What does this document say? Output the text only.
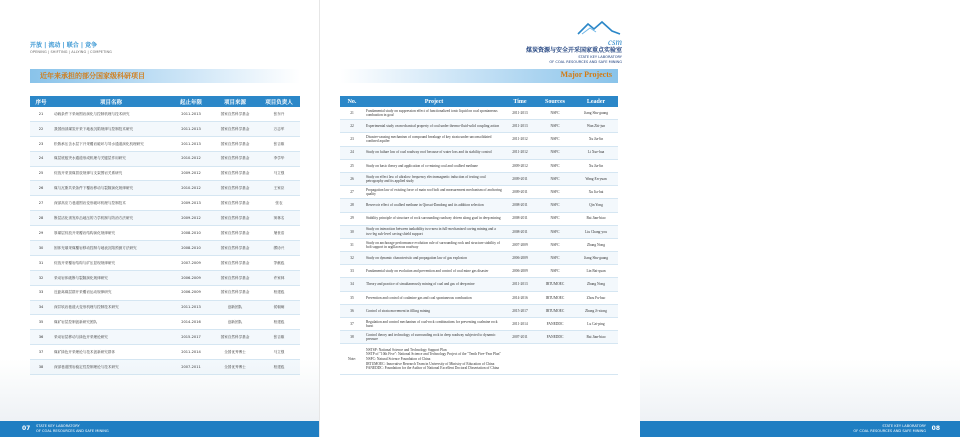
开放 | 流动 | 联合 | 竞争
OPENING | SHIFTING | ALLYING | COMPETING
近年来承担的部分国家级科研项目
序号	项目名称	起止年限	项目来源	项目负责人
21	动载条件下采场围岩演化与控制机理与技术研究	2011-2013	国家自然科学基金	张东升
22	我国西部煤炭开采下地表沉陷规律与控制技术研究	2011-2013	国家自然科学基金	万志军
23	松散承压含水层下开采覆岩破坏与导水通道演化机理研究	2011-2013	国家自然科学基金	张吉雄
24	煤层底板突水通道形成机理与关键层作用研究	2010-2012	国家自然科学基金	李学华
25	综放开采顶煤冒放规律与支架围岩关系研究	2009-2012	国家自然科学基金	马立强
26	煤与瓦斯共采条件下覆岩移动与裂隙演化规律研究	2010-2012	国家自然科学基金	王家臣
27	深部高应力巷道围岩变形破坏机理与控制技术	2009-2013	国家自然科学基金	张农
28	断层活化诱发冲击地压的力学机制与防治方法研究	2009-2012	国家自然科学基金	窦林名
29	厚煤层综放开采覆岩结构演化规律研究	2008-2010	国家自然科学基金	屠世浩
30	固体充填采煤覆岩移动控制与地表沉陷预测方法研究	2008-2010	国家自然科学基金	缪协兴
31	综放开采覆岩结构与矿压显现规律研究	2007-2009	国家自然科学基金	茅献彪
32	采动岩体破断与裂隙演化规律研究	2006-2009	国家自然科学基金	许家林
33	近距离煤层群开采覆岩运动规律研究	2006-2009	国家自然科学基金	柏建彪
34	深井软岩巷道大变形机理与控制技术研究	2011-2013	创新团队	侯朝炯
35	煤矿岩层控制创新研究团队	2014-2016	创新团队	柏建彪
36	采动岩层移动与绿色开采理论研究	2015-2017	国家自然科学基金	张吉雄
37	煤矿绿色开采理论与技术创新研究群体	2011-2014	全国优秀博士	马立强
38	深部巷道围岩稳定性控制理论与技术研究	2007-2011	全国优秀博士	柏建彪
07 STATE KEY LABORATORY
OF COAL RESOURCES AND SAFE MINING
csm
煤炭资源与安全开采国家重点实验室
STATE KEY LABORATORY
OF COAL RESOURCES AND SAFE MINING
Major Projects
No.	Project	Time	Sources	Leader
21	Fundamental study on suppression effect of functionalized ionic liquid on coal spontaneous combustion in goaf	2011-2013	NSFC	Jiang Shu-guang
22	Experimental study on mechanical property of coal under thermo-fluid-solid coupling action	2011-2013	NSFC	Wan Zhi-jun
23	Disaster-causing mechanism of compound breakage of key strata under unconsolidated confined aquifer	2011-2012	NSFC	Xu Jia-lin
24	Study on failure law of coal roadway roof because of water loss and its stability control	2011-2012	NSFC	Li Xue-hua
25	Study on basic theory and application of co-mining coal and coalbed methane	2009-2012	NSFC	Xu Jia-lin
26	Study on effect law of ultralow frequency electromagnetic induction of testing coal petrography and its applied study	2009-2011	NSFC	Wang En-yuan
27	Propagation law of existing force of main roof bolt and measurement mechanism of anchoring quality	2009-2011	NSFC	Xu Jia-hai
28	Reservoir effect of coalbed methane in Qinxui-Dandong and its addition selection	2008-2011	NSFC	Qin Yong
29	Stability principle of structure of rock surrounding roadway driven along goaf in deep mining	2008-2011	NSFC	Bai Jian-biao
30	Study on interaction between tankability two-area in full-mechanized caving mining and a two-leg sub-level caving shield support	2008-2011	NSFC	Liu Chang-you
31	Study on anchorage performance evolution rule of surrounding rock and structure stability of bolt support in argillaceous roadway	2007-2009	NSFC	Zhang Nong
32	Study on dynamic characteristic and propagation law of gas explosion	2006-2009	NSFC	Jiang Shu-guang
33	Fundamental study on evolution and prevention and control of coal mine gas disaster	2006-2009	NSFC	Lin Bai-quan
34	Theory and practice of simultaneously mining of coal and gas of deep mine	2011-2013	IRTUMOEC	Zhang Nong
35	Prevention and control of coalmine gas and coal spontaneous combustion	2014-2016	IRTUMOEC	Zhou Fu-bao
36	Control of strata movement in filling mining	2015-2017	IRTUMOEC	Zhang Ji-xiong
37	Regulation and control mechanism of coal-rock combinations for preventing coalmine rock burst	2011-2014	FANEDDC	Lu Cai-ping
38	Control theory and technology of surrounding rock in deep roadway subjected to dynamic pressure	2007-2011	FANEDDC	Bai Jian-biao
Note:	NSTSP: National Science and Technology Support Plan
NSTP of "10th Five": National Science and Technology Project of the "Tenth Five-Year Plan"
NSFC: Natural Science Foundation of China
IRTUMOEC: Innovative Research Team in University of Ministry of Education of China
FANEDDC: Foundation for the Author of National Excellent Doctoral Dissertation of China			
STATE KEY LABORATORY
OF COAL RESOURCES AND SAFE MINING 08
